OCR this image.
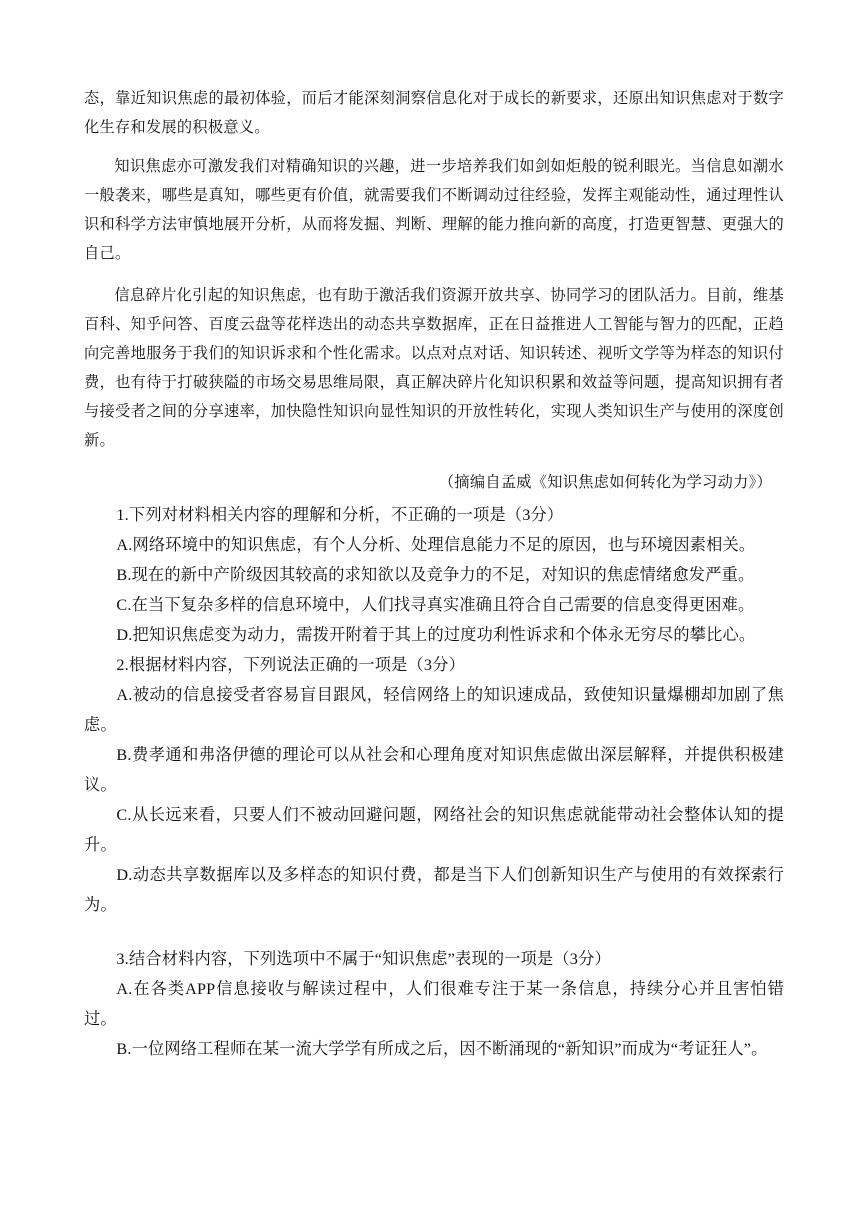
态，靠近知识焦虑的最初体验，而后才能深刻洞察信息化对于成长的新要求，还原出知识焦虑对于数字化生存和发展的积极意义。

知识焦虑亦可激发我们对精确知识的兴趣，进一步培养我们如剑如炬般的锐利眼光。当信息如潮水一般袭来，哪些是真知，哪些更有价值，就需要我们不断调动过往经验，发挥主观能动性，通过理性认识和科学方法审慎地展开分析，从而将发掘、判断、理解的能力推向新的高度，打造更智慧、更强大的自己。

信息碎片化引起的知识焦虑，也有助于激活我们资源开放共享、协同学习的团队活力。目前，维基百科、知乎问答、百度云盘等花样迭出的动态共享数据库，正在日益推进人工智能与智力的匹配，正趋向完善地服务于我们的知识诉求和个性化需求。以点对点对话、知识转述、视听文学等为样态的知识付费，也有待于打破狭隘的市场交易思维局限，真正解决碎片化知识积累和效益等问题，提高知识拥有者与接受者之间的分享速率，加快隐性知识向显性知识的开放性转化，实现人类知识生产与使用的深度创新。

（摘编自孟威《知识焦虑如何转化为学习动力》）

1.下列对材料相关内容的理解和分析，不正确的一项是（3分）

A.网络环境中的知识焦虑，有个人分析、处理信息能力不足的原因，也与环境因素相关。

B.现在的新中产阶级因其较高的求知欲以及竞争力的不足，对知识的焦虑情绪愈发严重。

C.在当下复杂多样的信息环境中，人们找寻真实准确且符合自己需要的信息变得更困难。

D.把知识焦虑变为动力，需拨开附着于其上的过度功利性诉求和个体永无穷尽的攀比心。

2.根据材料内容，下列说法正确的一项是（3分）

A.被动的信息接受者容易盲目跟风，轻信网络上的知识速成品，致使知识量爆棚却加剧了焦虑。

B.费孝通和弗洛伊德的理论可以从社会和心理角度对知识焦虑做出深层解释，并提供积极建议。

C.从长远来看，只要人们不被动回避问题，网络社会的知识焦虑就能带动社会整体认知的提升。

D.动态共享数据库以及多样态的知识付费，都是当下人们创新知识生产与使用的有效探索行为。

3.结合材料内容，下列选项中不属于“知识焦虑”表现的一项是（3分）

A.在各类APP信息接收与解读过程中，人们很难专注于某一条信息，持续分心并且害怕错过。

B.一位网络工程师在某一流大学学有所成之后，因不断涌现的“新知识”而成为“考证狂人”。
